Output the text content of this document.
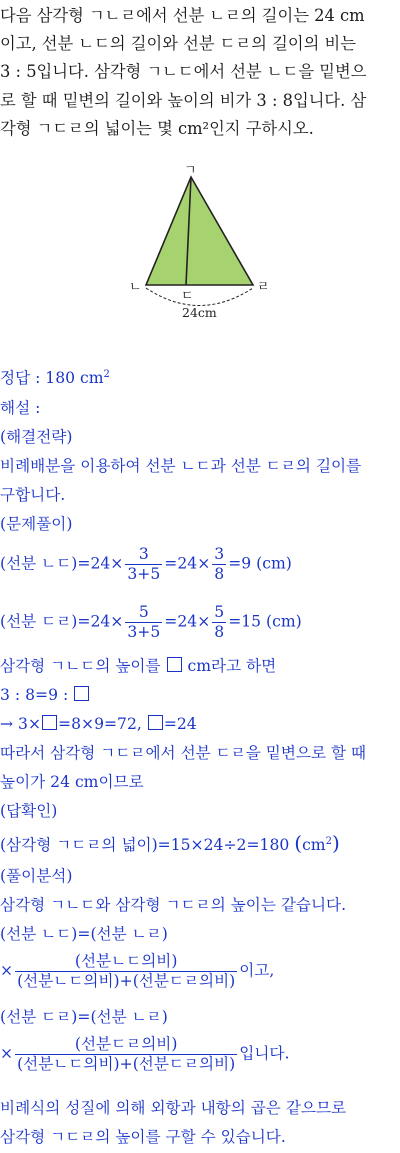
다음 삼각형 ㄱㄴㄹ에서 선분 ㄴㄹ의 길이는 24 cm
이고, 선분 ㄴㄷ의 길이와 선분 ㄷㄹ의 길이의 비는
3 : 5입니다. 삼각형 ㄱㄴㄷ에서 선분 ㄴㄷ을 밑변으
로 할 때 밑변의 길이와 높이의 비가 3 : 8입니다. 삼
각형 ㄱㄷㄹ의 넓이는 몇 cm²인지 구하시오.
ㄱ
ㄴ
ㄷ
ㄹ
24cm
정답 : 180 $cm^2$
해설 :
(해결전략)
비례배분을 이용하여 선분 ㄴㄷ과 선분 ㄷㄹ의 길이를
구합니다.
(문제풀이)
(선분 ㄴㄷ)$=24\times \frac{3}{3+5} =24\times \frac{3}{8} =9$ (cm)
(선분 ㄷㄹ)$=24\times \frac{5}{3+5} =24\times \frac{5}{8} =15$ (cm)
삼각형 ㄱㄴㄷ의 높이를  cm라고 하면
3 : 8=9 :
→ 3× =8×9=72, =24
따라서 삼각형 ㄱㄷㄹ에서 선분 ㄷㄹ을 밑변으로 할 때
높이가 24 cm이므로
(답확인)
(삼각형 ㄱㄷㄹ의 넓이)=15×24÷2=180 $(cm^2)$
(풀이분석)
삼각형 ㄱㄴㄷ와 삼각형 ㄱㄷㄹ의 높이는 같습니다.
(선분 ㄴㄷ)=(선분 ㄴㄹ)
× $\frac{\text{(선분ㄴㄷ의비)}}{\text{(선분ㄴㄷ의비)+(선분ㄷㄹ의비)}}$ 이고,
(선분 ㄷㄹ)=(선분 ㄴㄹ)
× $\frac{\text{(선분ㄷㄹ의비)}}{\text{(선분ㄴㄷ의비)+(선분ㄷㄹ의비)}}$ 입니다.
비례식의 성질에 의해 외항과 내항의 곱은 같으므로
삼각형 ㄱㄷㄹ의 높이를 구할 수 있습니다.
